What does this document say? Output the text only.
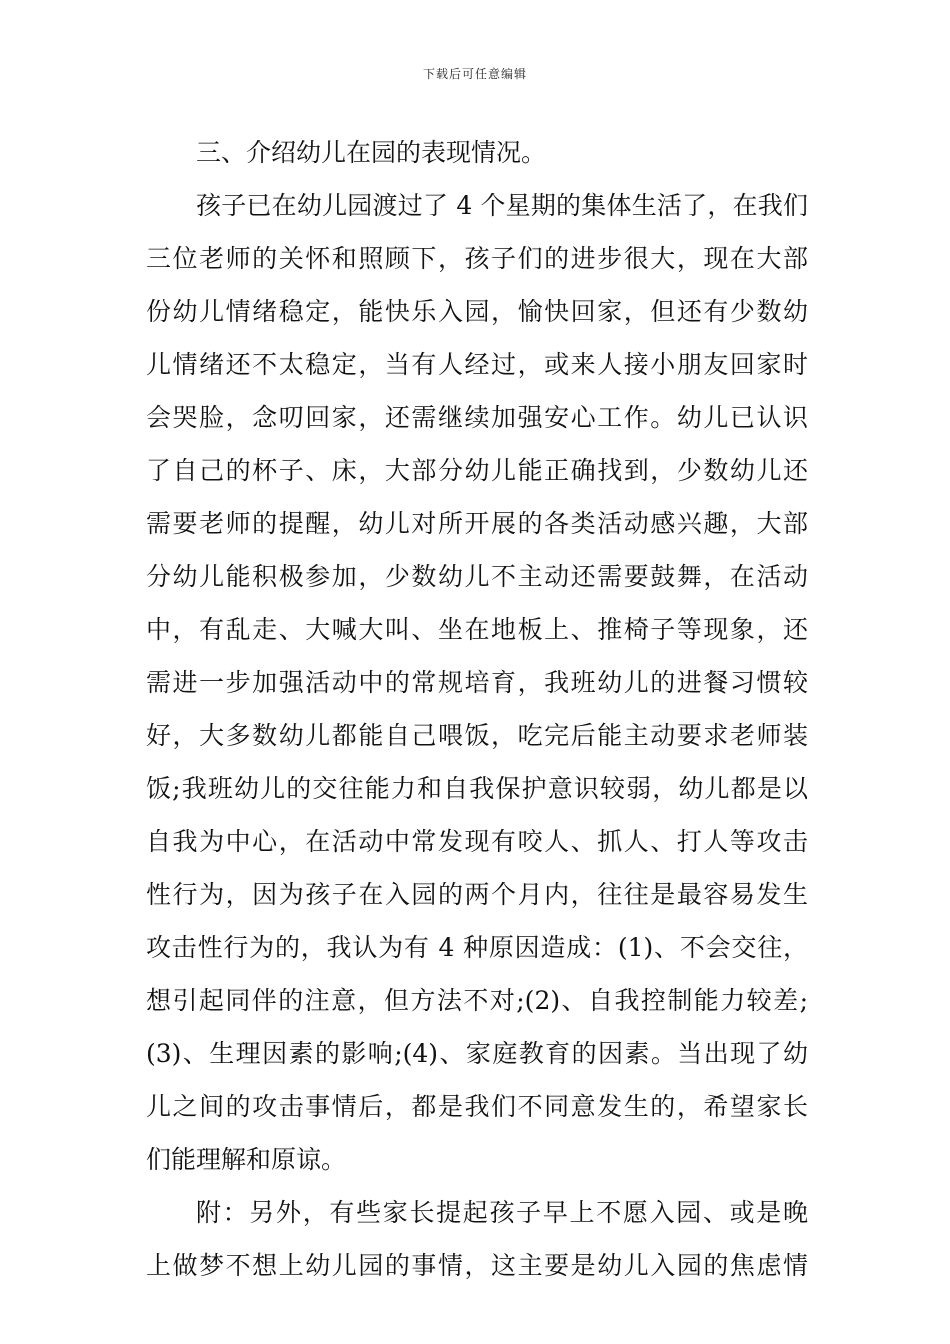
下载后可任意编辑
三、介绍幼儿在园的表现情况。
孩子已在幼儿园渡过了 4 个星期的集体生活了，在我们
三位老师的关怀和照顾下，孩子们的进步很大，现在大部
份幼儿情绪稳定，能快乐入园，愉快回家，但还有少数幼
儿情绪还不太稳定，当有人经过，或来人接小朋友回家时
会哭脸，念叨回家，还需继续加强安心工作。幼儿已认识
了自己的杯子、床，大部分幼儿能正确找到，少数幼儿还
需要老师的提醒，幼儿对所开展的各类活动感兴趣，大部
分幼儿能积极参加，少数幼儿不主动还需要鼓舞，在活动
中，有乱走、大喊大叫、坐在地板上、推椅子等现象，还
需进一步加强活动中的常规培育，我班幼儿的进餐习惯较
好，大多数幼儿都能自己喂饭，吃完后能主动要求老师装
饭;我班幼儿的交往能力和自我保护意识较弱，幼儿都是以
自我为中心，在活动中常发现有咬人、抓人、打人等攻击
性行为，因为孩子在入园的两个月内，往往是最容易发生
攻击性行为的，我认为有 4 种原因造成：(1)、不会交往，
想引起同伴的注意，但方法不对;(2)、自我控制能力较差;
(3)、生理因素的影响;(4)、家庭教育的因素。当出现了幼
儿之间的攻击事情后，都是我们不同意发生的，希望家长
们能理解和原谅。
附：另外，有些家长提起孩子早上不愿入园、或是晚
上做梦不想上幼儿园的事情，这主要是幼儿入园的焦虑情
